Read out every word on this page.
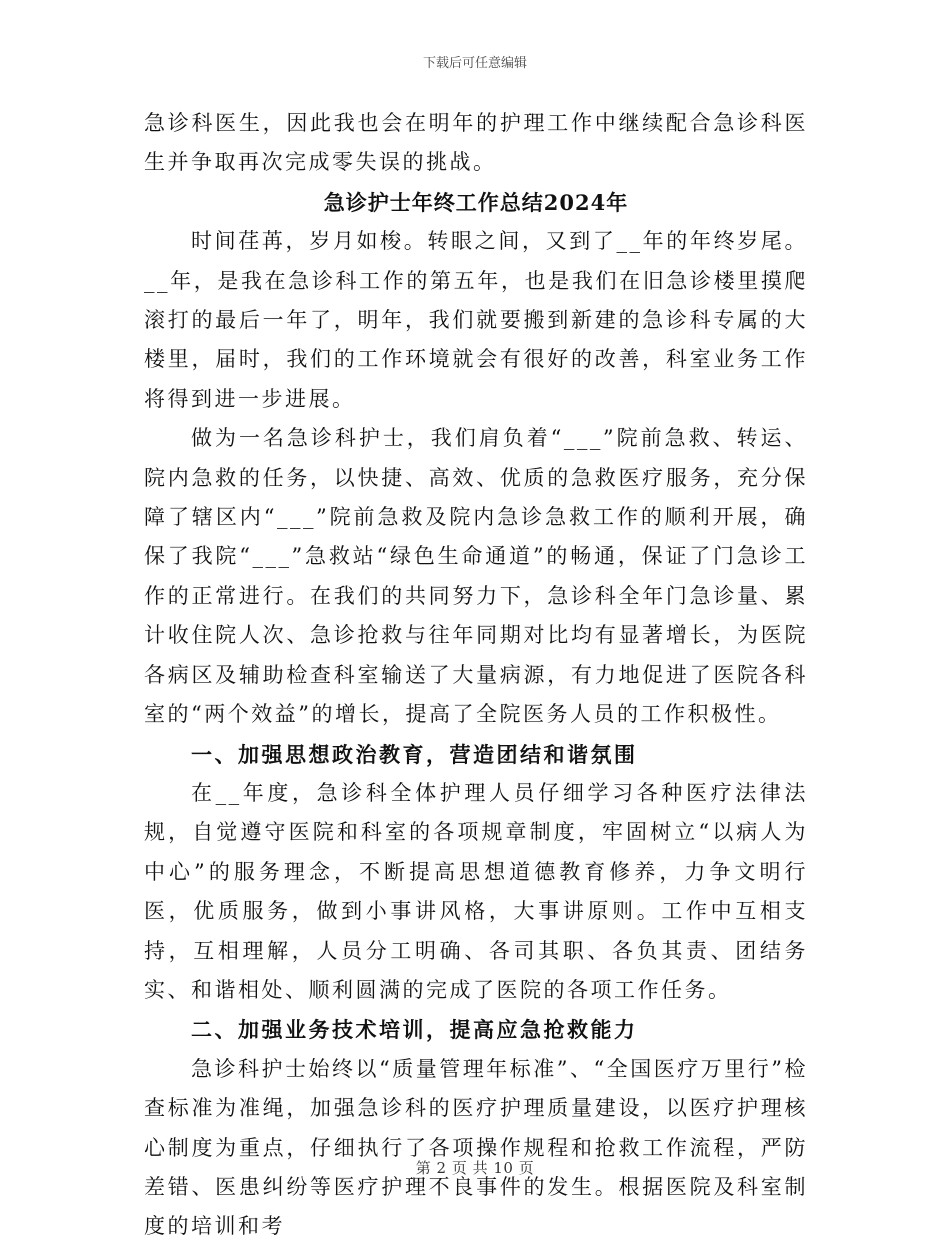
下载后可任意编辑

急诊科医生，因此我也会在明年的护理工作中继续配合急诊科医生并争取再次完成零失误的挑战。

急诊护士年终工作总结2024年

时间荏苒，岁月如梭。转眼之间，又到了__年的年终岁尾。__年，是我在急诊科工作的第五年，也是我们在旧急诊楼里摸爬滚打的最后一年了，明年，我们就要搬到新建的急诊科专属的大楼里，届时，我们的工作环境就会有很好的改善，科室业务工作将得到进一步进展。

做为一名急诊科护士，我们肩负着“___”院前急救、转运、院内急救的任务，以快捷、高效、优质的急救医疗服务，充分保障了辖区内“___”院前急救及院内急诊急救工作的顺利开展，确保了我院“___”急救站“绿色生命通道”的畅通，保证了门急诊工作的正常进行。在我们的共同努力下，急诊科全年门急诊量、累计收住院人次、急诊抢救与往年同期对比均有显著增长，为医院各病区及辅助检查科室输送了大量病源，有力地促进了医院各科室的“两个效益”的增长，提高了全院医务人员的工作积极性。

一、加强思想政治教育，营造团结和谐氛围

在__年度，急诊科全体护理人员仔细学习各种医疗法律法规，自觉遵守医院和科室的各项规章制度，牢固树立“以病人为中心”的服务理念，不断提高思想道德教育修养，力争文明行医，优质服务，做到小事讲风格，大事讲原则。工作中互相支持，互相理解，人员分工明确、各司其职、各负其责、团结务实、和谐相处、顺利圆满的完成了医院的各项工作任务。

二、加强业务技术培训，提高应急抢救能力

急诊科护士始终以“质量管理年标准”、“全国医疗万里行”检查标准为准绳，加强急诊科的医疗护理质量建设，以医疗护理核心制度为重点，仔细执行了各项操作规程和抢救工作流程，严防差错、医患纠纷等医疗护理不良事件的发生。根据医院及科室制度的培训和考

第 2 页 共 10 页
